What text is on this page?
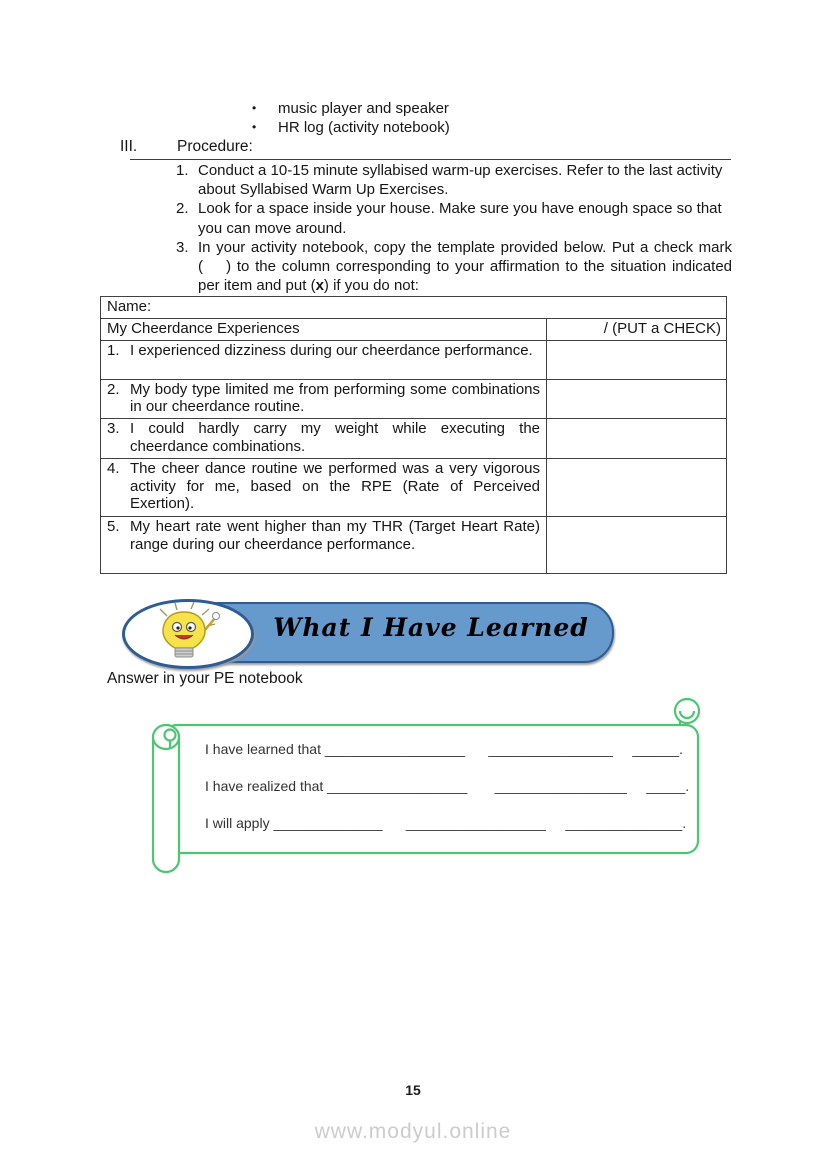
•	music player and speaker
•	HR log (activity notebook)
III.	Procedure:
1. Conduct a 10-15 minute syllabised warm-up exercises. Refer to the last activity about Syllabised Warm Up Exercises.
2. Look for a space inside your house. Make sure you have enough space so that you can move around.
3. In your activity notebook, copy the template provided below. Put a check mark (    ) to the column corresponding to your affirmation to the situation indicated per item and put (x) if you do not:
Name:	
My Cheerdance Experiences	/ (PUT a CHECK)

1. I experienced dizziness during our cheerdance performance.	

2. My body type limited me from performing some combinations in our cheerdance routine.	

3. I could hardly carry my weight while executing the cheerdance combinations.	

4. The cheer dance routine we performed was a very vigorous activity for me, based on the RPE (Rate of Perceived Exertion).	

5. My heart rate went higher than my THR (Target Heart Rate) range during our cheerdance performance.	

What I Have Learned
Answer in your PE notebook
I have learned that __________________      ________________     ______.
I have realized that __________________       _________________     _____.
I will apply ______________      __________________     _______________.
15
www.modyul.online
